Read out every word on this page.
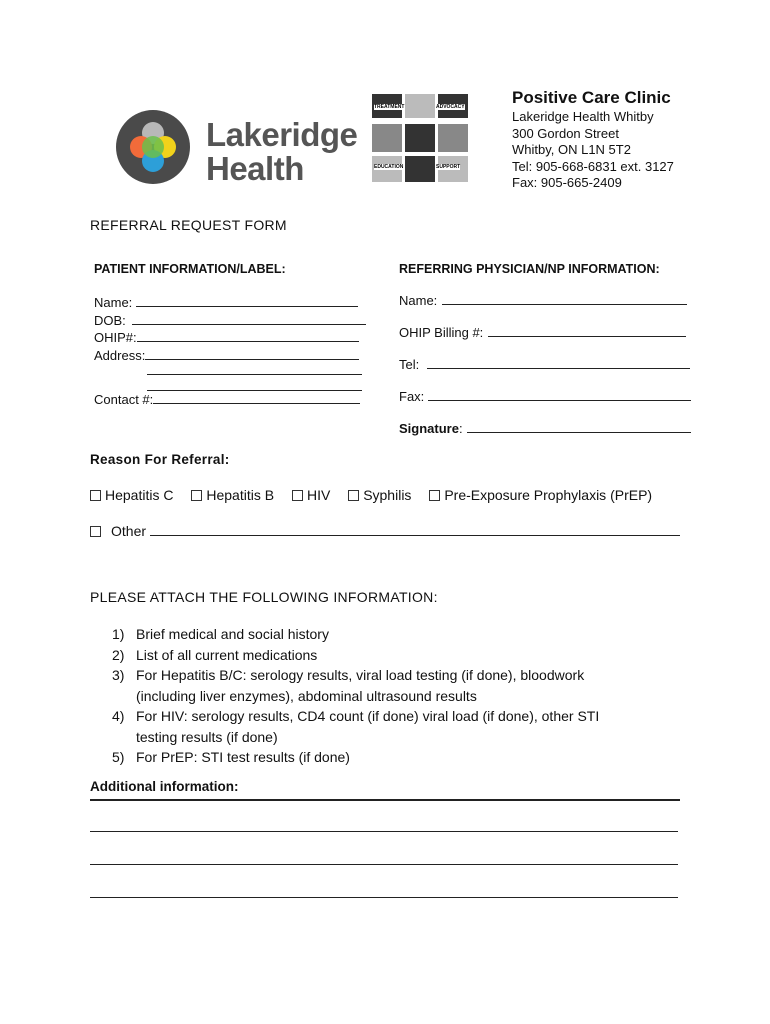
Lakeridge
Health
TREATMENT	ADVOCACY
EDUCATION	SUPPORT
Positive Care Clinic
Lakeridge Health Whitby
300 Gordon Street
Whitby, ON L1N 5T2
Tel: 905-668-6831 ext. 3127
Fax: 905-665-2409
REFERRAL REQUEST FORM
PATIENT INFORMATION/LABEL:
Name:
DOB:
OHIP#:
Address:
Contact #:
REFERRING PHYSICIAN/NP INFORMATION:
Name:
OHIP Billing #:
Tel:
Fax:
Signature:
Reason For Referral:
Hepatitis C Hepatitis B HIV Syphilis Pre-Exposure Prophylaxis (PrEP)
Other
PLEASE ATTACH THE FOLLOWING INFORMATION:
1) Brief medical and social history
2) List of all current medications
3) For Hepatitis B/C: serology results, viral load testing (if done), bloodwork
(including liver enzymes), abdominal ultrasound results
4) For HIV: serology results, CD4 count (if done) viral load (if done), other STI
testing results (if done)
5) For PrEP: STI test results (if done)
Additional information:
